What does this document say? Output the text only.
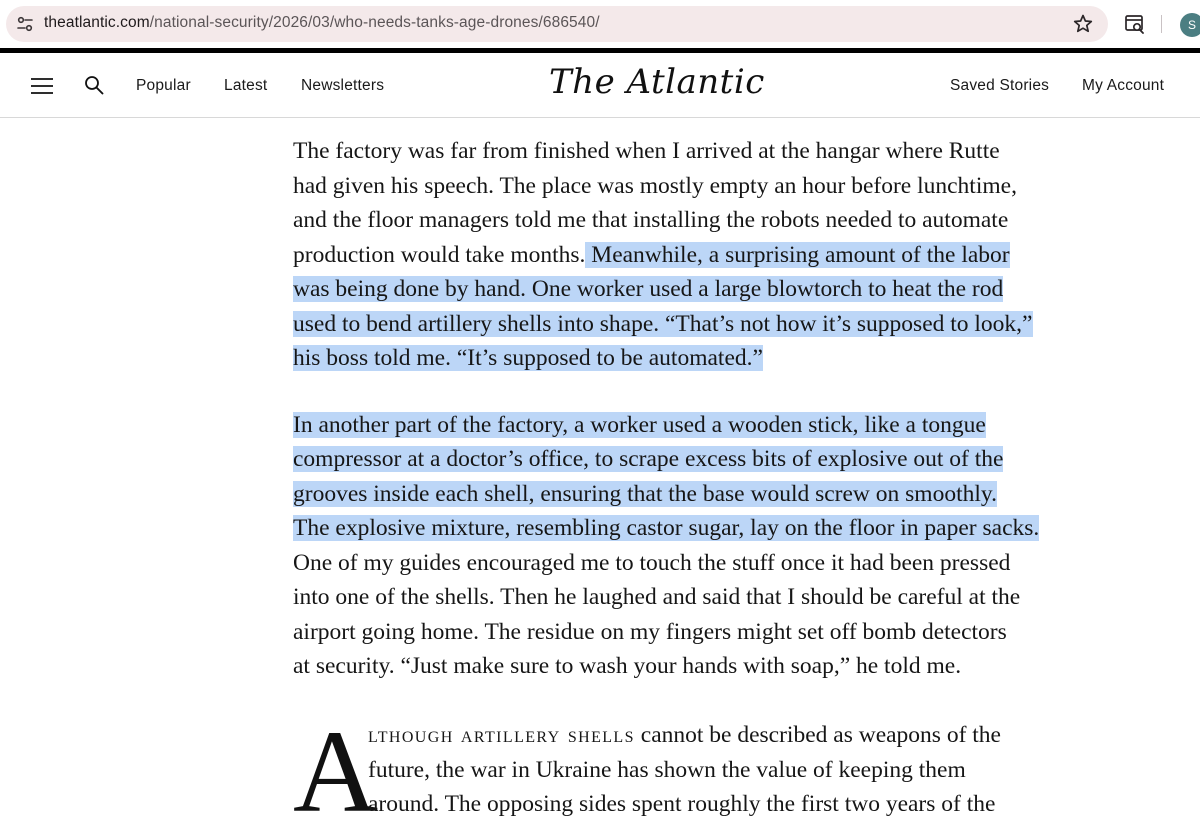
theatlantic.com/national-security/2026/03/who-needs-tanks-age-drones/686540/	S
Popular Latest Newsletters	The Atlantic	Saved Stories My Account
The factory was far from finished when I arrived at the hangar where Rutte
had given his speech. The place was mostly empty an hour before lunchtime,
and the floor managers told me that installing the robots needed to automate
production would take months. Meanwhile, a surprising amount of the labor
was being done by hand. One worker used a large blowtorch to heat the rod
used to bend artillery shells into shape. “That’s not how it’s supposed to look,”
his boss told me. “It’s supposed to be automated.”
In another part of the factory, a worker used a wooden stick, like a tongue
compressor at a doctor’s office, to scrape excess bits of explosive out of the
grooves inside each shell, ensuring that the base would screw on smoothly.
The explosive mixture, resembling castor sugar, lay on the floor in paper sacks.
One of my guides encouraged me to touch the stuff once it had been pressed
into one of the shells. Then he laughed and said that I should be careful at the
airport going home. The residue on my fingers might set off bomb detectors
at security. “Just make sure to wash your hands with soap,” he told me.
A
lthough artillery shells cannot be described as weapons of the
future, the war in Ukraine has shown the value of keeping them
around. The opposing sides spent roughly the first two years of the
